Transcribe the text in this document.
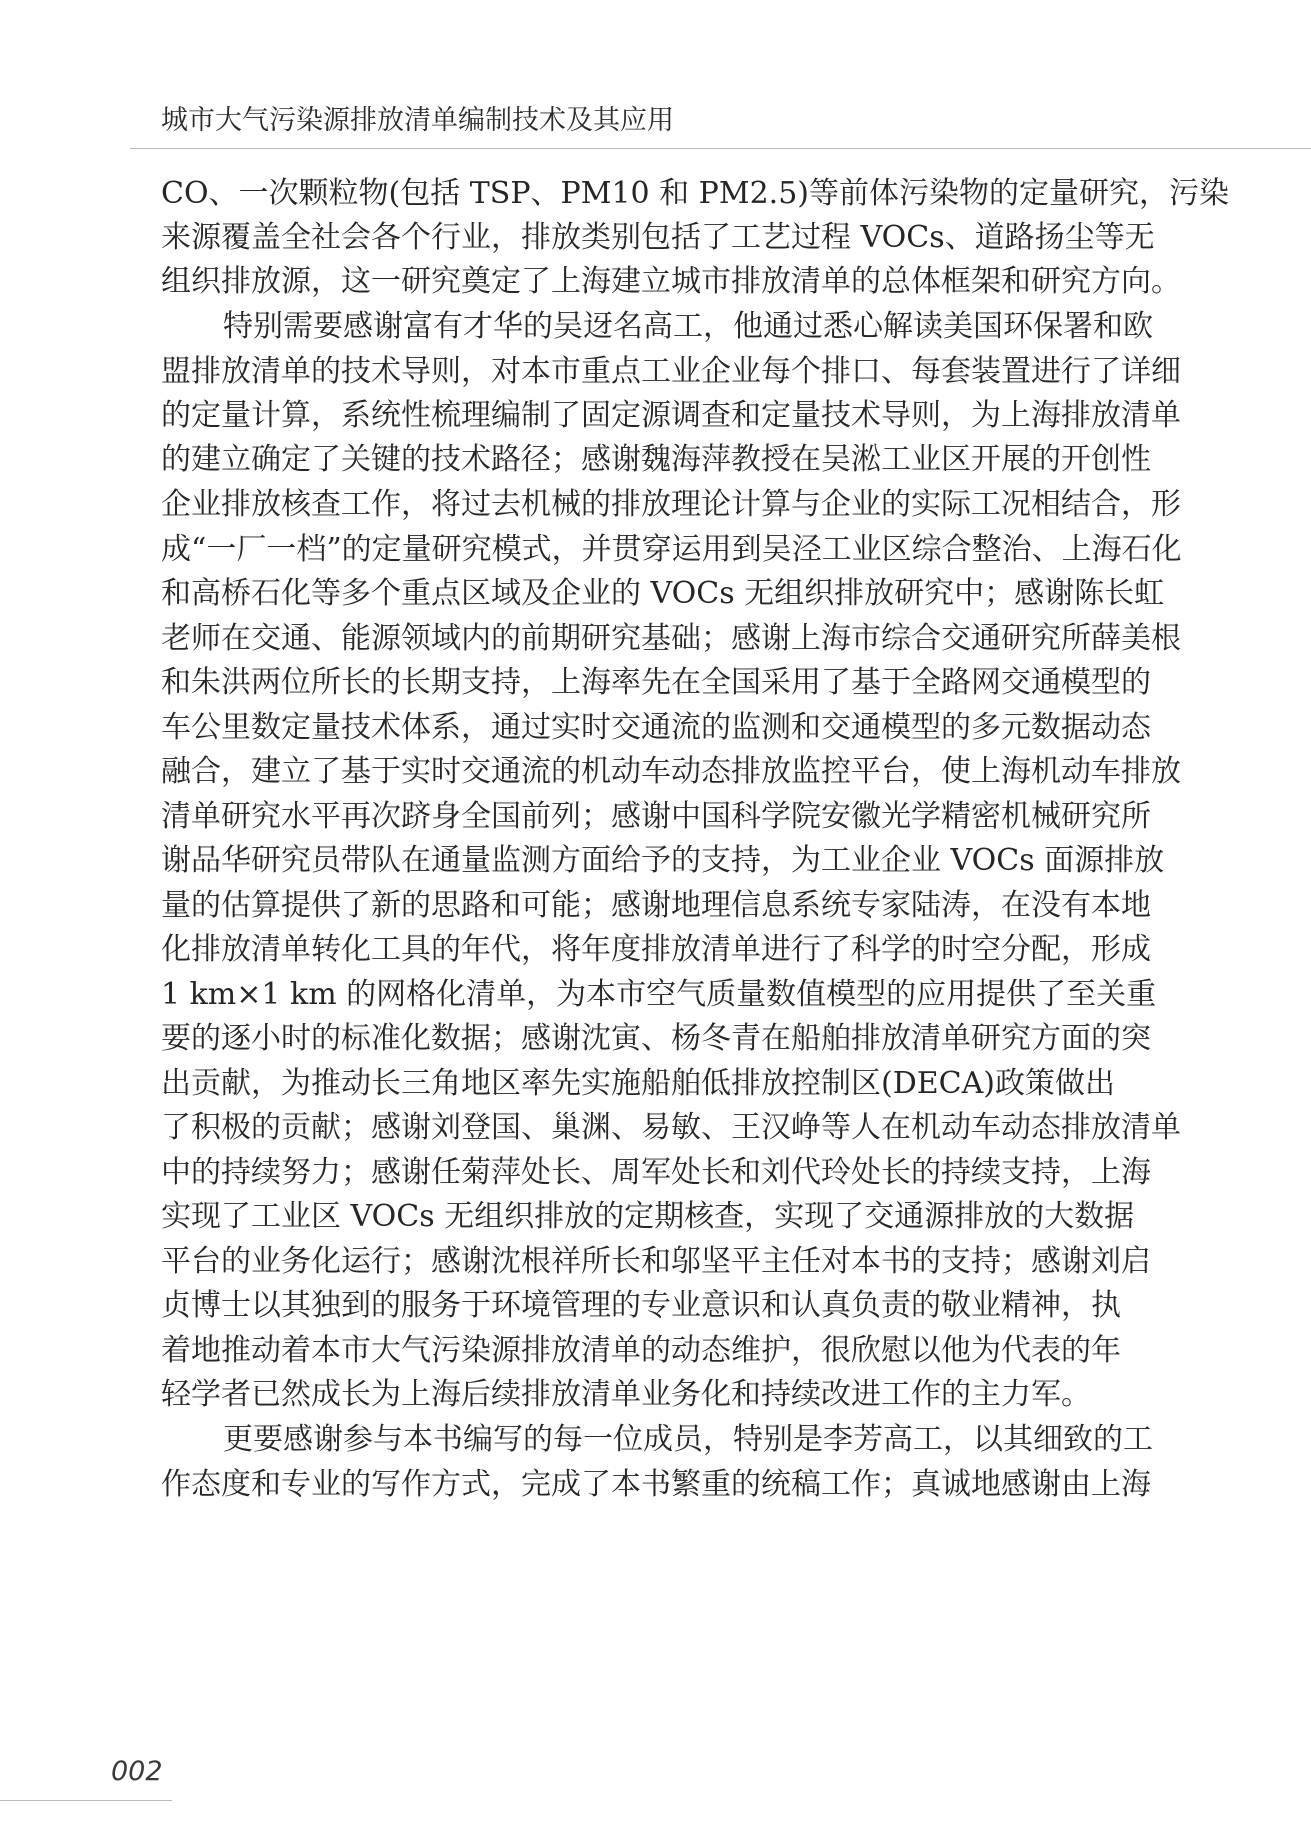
城市大气污染源排放清单编制技术及其应用
CO、一次颗粒物(包括 TSP、PM10 和 PM2.5)等前体污染物的定量研究，污染
来源覆盖全社会各个行业，排放类别包括了工艺过程 VOCs、道路扬尘等无
组织排放源，这一研究奠定了上海建立城市排放清单的总体框架和研究方向。
特别需要感谢富有才华的吴迓名高工，他通过悉心解读美国环保署和欧
盟排放清单的技术导则，对本市重点工业企业每个排口、每套装置进行了详细
的定量计算，系统性梳理编制了固定源调查和定量技术导则，为上海排放清单
的建立确定了关键的技术路径；感谢魏海萍教授在吴淞工业区开展的开创性
企业排放核查工作，将过去机械的排放理论计算与企业的实际工况相结合，形
成“一厂一档”的定量研究模式，并贯穿运用到吴泾工业区综合整治、上海石化
和高桥石化等多个重点区域及企业的 VOCs 无组织排放研究中；感谢陈长虹
老师在交通、能源领域内的前期研究基础；感谢上海市综合交通研究所薛美根
和朱洪两位所长的长期支持，上海率先在全国采用了基于全路网交通模型的
车公里数定量技术体系，通过实时交通流的监测和交通模型的多元数据动态
融合，建立了基于实时交通流的机动车动态排放监控平台，使上海机动车排放
清单研究水平再次跻身全国前列；感谢中国科学院安徽光学精密机械研究所
谢品华研究员带队在通量监测方面给予的支持，为工业企业 VOCs 面源排放
量的估算提供了新的思路和可能；感谢地理信息系统专家陆涛，在没有本地
化排放清单转化工具的年代，将年度排放清单进行了科学的时空分配，形成
1 km×1 km 的网格化清单，为本市空气质量数值模型的应用提供了至关重
要的逐小时的标准化数据；感谢沈寅、杨冬青在船舶排放清单研究方面的突
出贡献，为推动长三角地区率先实施船舶低排放控制区(DECA)政策做出
了积极的贡献；感谢刘登国、巢渊、易敏、王汉峥等人在机动车动态排放清单
中的持续努力；感谢任菊萍处长、周军处长和刘代玲处长的持续支持，上海
实现了工业区 VOCs 无组织排放的定期核查，实现了交通源排放的大数据
平台的业务化运行；感谢沈根祥所长和邬坚平主任对本书的支持；感谢刘启
贞博士以其独到的服务于环境管理的专业意识和认真负责的敬业精神，执
着地推动着本市大气污染源排放清单的动态维护，很欣慰以他为代表的年
轻学者已然成长为上海后续排放清单业务化和持续改进工作的主力军。
更要感谢参与本书编写的每一位成员，特别是李芳高工，以其细致的工
作态度和专业的写作方式，完成了本书繁重的统稿工作；真诚地感谢由上海
002
